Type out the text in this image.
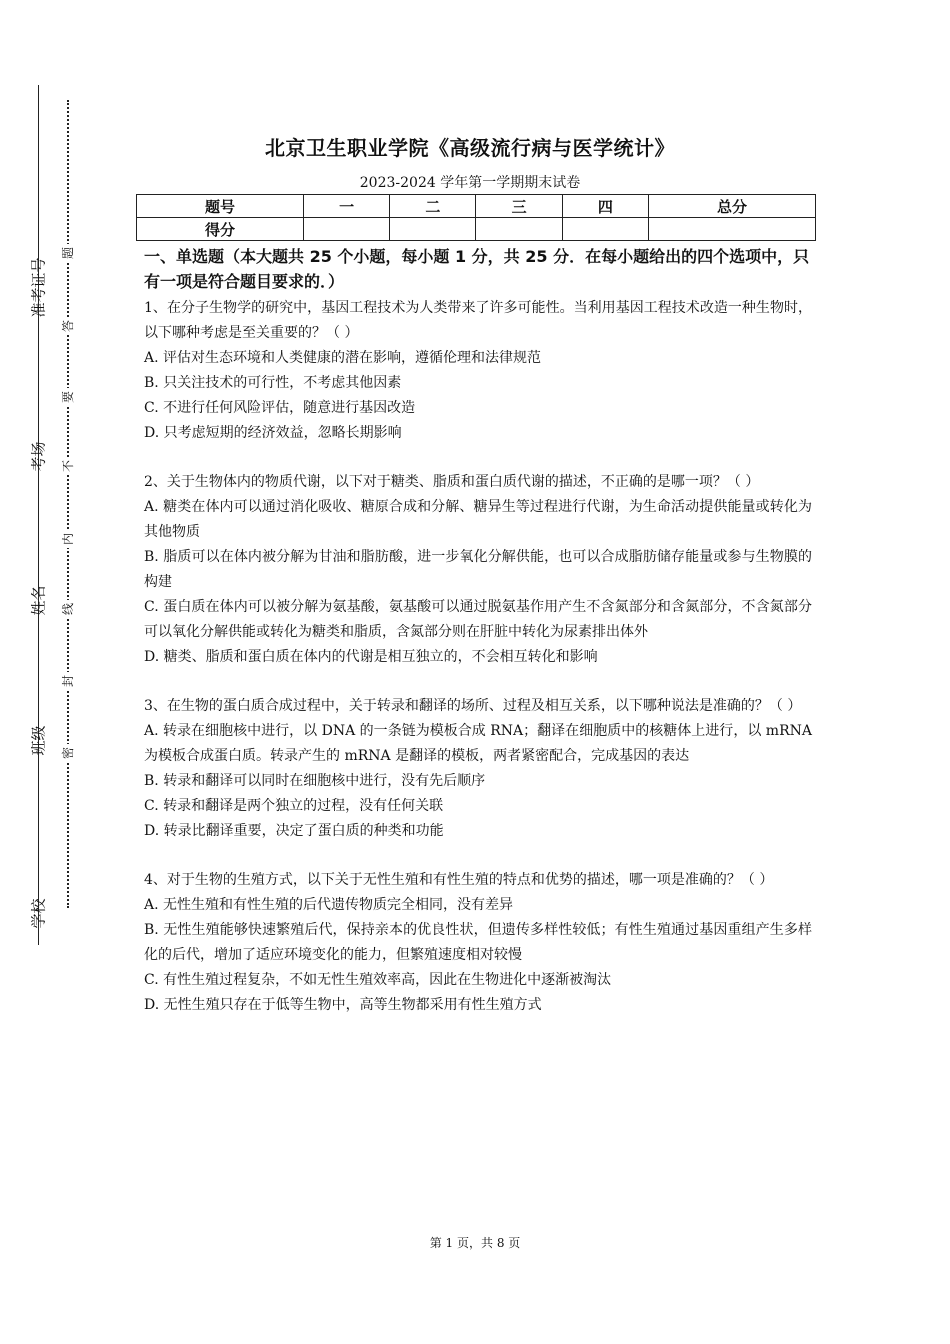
准考证号
考场
姓名
班级
学校
题
答
要
不
内
线
封
密
北京卫生职业学院《高级流行病与医学统计》
2023-2024 学年第一学期期末试卷
题号	一	二	三	四	总分
得分					

一、单选题（本大题共 25 个小题，每小题 1 分，共 25 分．在每小题给出的四个选项中，只有一项是符合题目要求的．）

1、在分子生物学的研究中，基因工程技术为人类带来了许多可能性。当利用基因工程技术改造一种生物时，以下哪种考虑是至关重要的？（ ）

A. 评估对生态环境和人类健康的潜在影响，遵循伦理和法律规范

B. 只关注技术的可行性，不考虑其他因素

C. 不进行任何风险评估，随意进行基因改造

D. 只考虑短期的经济效益，忽略长期影响

2、关于生物体内的物质代谢，以下对于糖类、脂质和蛋白质代谢的描述，不正确的是哪一项？（ ）

A. 糖类在体内可以通过消化吸收、糖原合成和分解、糖异生等过程进行代谢，为生命活动提供能量或转化为其他物质

B. 脂质可以在体内被分解为甘油和脂肪酸，进一步氧化分解供能，也可以合成脂肪储存能量或参与生物膜的构建

C. 蛋白质在体内可以被分解为氨基酸，氨基酸可以通过脱氨基作用产生不含氮部分和含氮部分，不含氮部分可以氧化分解供能或转化为糖类和脂质，含氮部分则在肝脏中转化为尿素排出体外

D. 糖类、脂质和蛋白质在体内的代谢是相互独立的，不会相互转化和影响

3、在生物的蛋白质合成过程中，关于转录和翻译的场所、过程及相互关系，以下哪种说法是准确的？（ ）

A. 转录在细胞核中进行，以 DNA 的一条链为模板合成 RNA；翻译在细胞质中的核糖体上进行，以 mRNA 为模板合成蛋白质。转录产生的 mRNA 是翻译的模板，两者紧密配合，完成基因的表达

B. 转录和翻译可以同时在细胞核中进行，没有先后顺序

C. 转录和翻译是两个独立的过程，没有任何关联

D. 转录比翻译重要，决定了蛋白质的种类和功能

4、对于生物的生殖方式，以下关于无性生殖和有性生殖的特点和优势的描述，哪一项是准确的？（ ）

A. 无性生殖和有性生殖的后代遗传物质完全相同，没有差异

B. 无性生殖能够快速繁殖后代，保持亲本的优良性状，但遗传多样性较低；有性生殖通过基因重组产生多样化的后代，增加了适应环境变化的能力，但繁殖速度相对较慢

C. 有性生殖过程复杂，不如无性生殖效率高，因此在生物进化中逐渐被淘汰

D. 无性生殖只存在于低等生物中，高等生物都采用有性生殖方式

第 1 页，共 8 页
